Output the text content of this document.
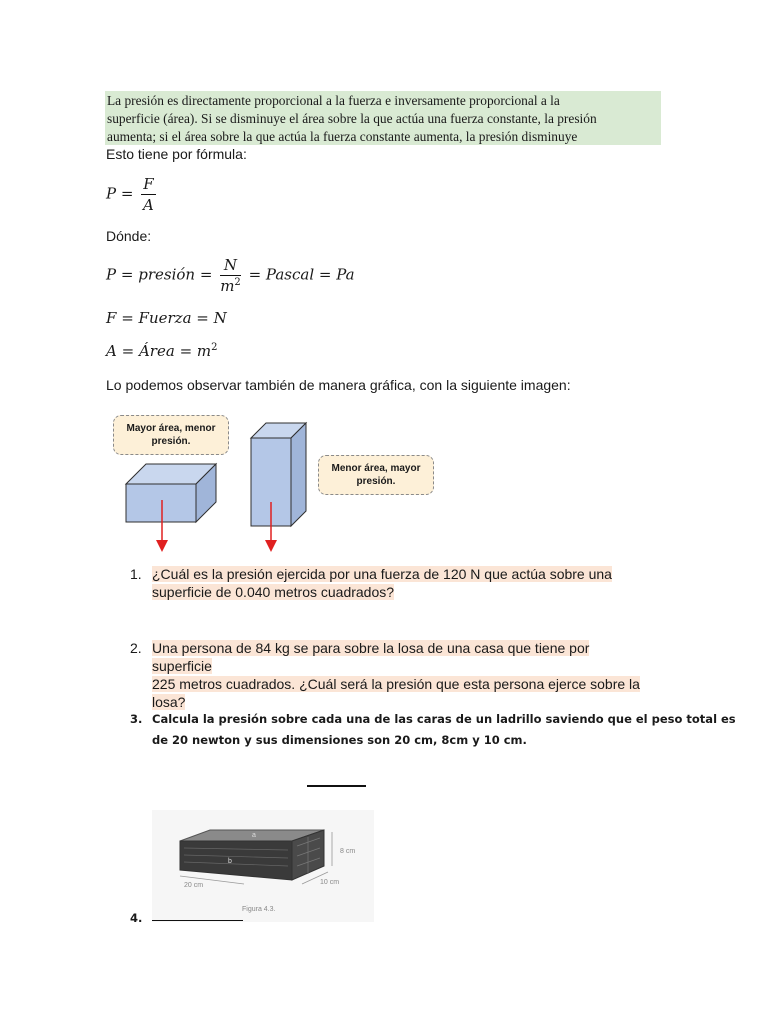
La presión es directamente proporcional a la fuerza e inversamente proporcional a la

superficie (área). Si se disminuye el área sobre la que actúa una fuerza constante, la presión

aumenta; si el área sobre la que actúa la fuerza constante aumenta, la presión disminuye

Esto tiene por fórmula:
$P = \frac{F}{A}$
Dónde:
P = presión = $\frac{N}{m^2}$ = Pascal = Pa
F = Fuerza = N
A = Área = $m^2$
Lo podemos observar también de manera gráfica, con la siguiente imagen:
Mayor área, menor
presión.
Menor área, mayor
presión.
1. ¿Cuál es la presión ejercida por una fuerza de 120 N que actúa sobre una
superficie de 0.040 metros cuadrados?
2. Una persona de 84 kg se para sobre la losa de una casa que tiene por superficie
225 metros cuadrados. ¿Cuál será la presión que esta persona ejerce sobre la
losa?
3. Calcula la presión sobre cada una de las caras de un ladrillo saviendo que el peso total es
de 20 newton y sus dimensiones son 20 cm, 8cm y 10 cm.
b
a
8 cm
10 cm
20 cm
Figura 4.3.
4.
